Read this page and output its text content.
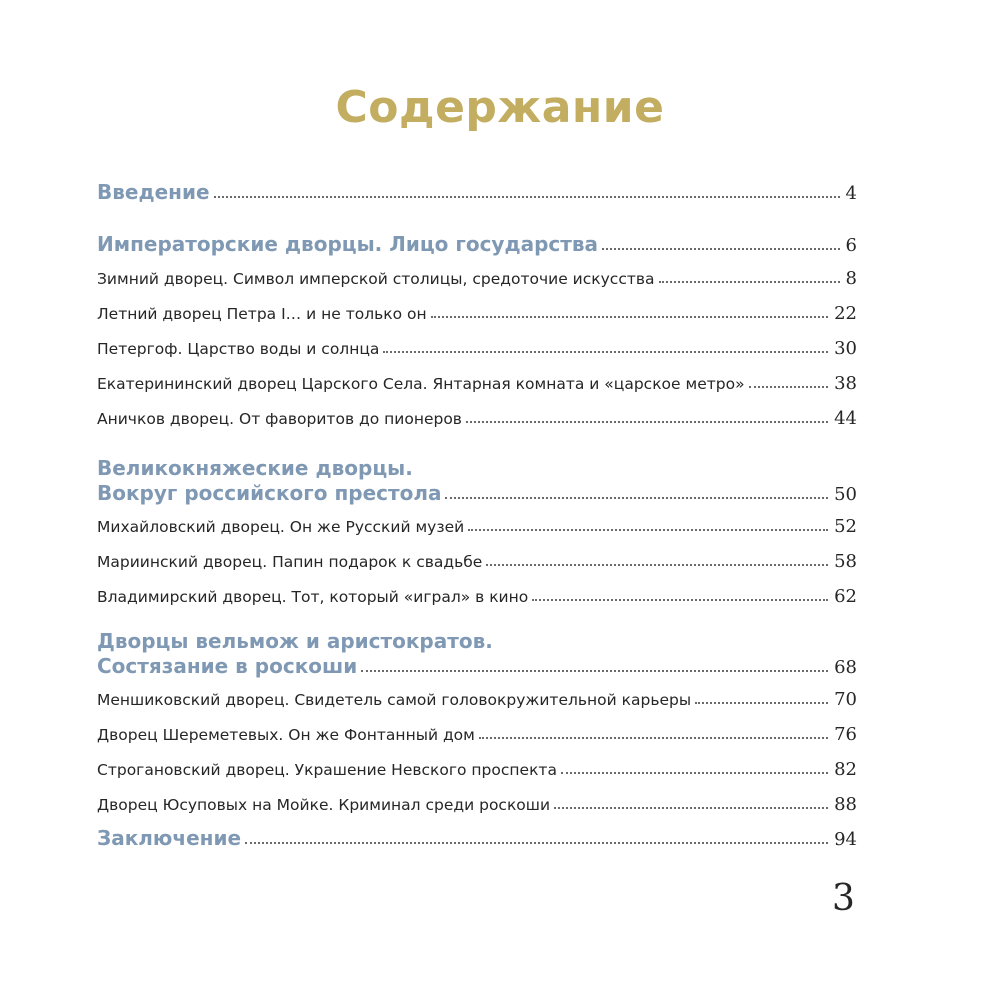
Содержание
Введение	4
Императорские дворцы. Лицо государства	6
Зимний дворец. Символ имперской столицы, средоточие искусства	8
Летний дворец Петра I… и не только он	22
Петергоф. Царство воды и солнца	30
Екатерининский дворец Царского Села. Янтарная комната и «царское метро»	38
Аничков дворец. От фаворитов до пионеров	44
Великокняжеские дворцы.
Вокруг российского престола	50
Михайловский дворец. Он же Русский музей	52
Мариинский дворец. Папин подарок к свадьбе	58
Владимирский дворец. Тот, который «играл» в кино	62
Дворцы вельмож и аристократов.
Состязание в роскоши	68
Меншиковский дворец. Свидетель самой головокружительной карьеры	70
Дворец Шереметевых. Он же Фонтанный дом	76
Строгановский дворец. Украшение Невского проспекта	82
Дворец Юсуповых на Мойке. Криминал среди роскоши	88
Заключение	94
3
